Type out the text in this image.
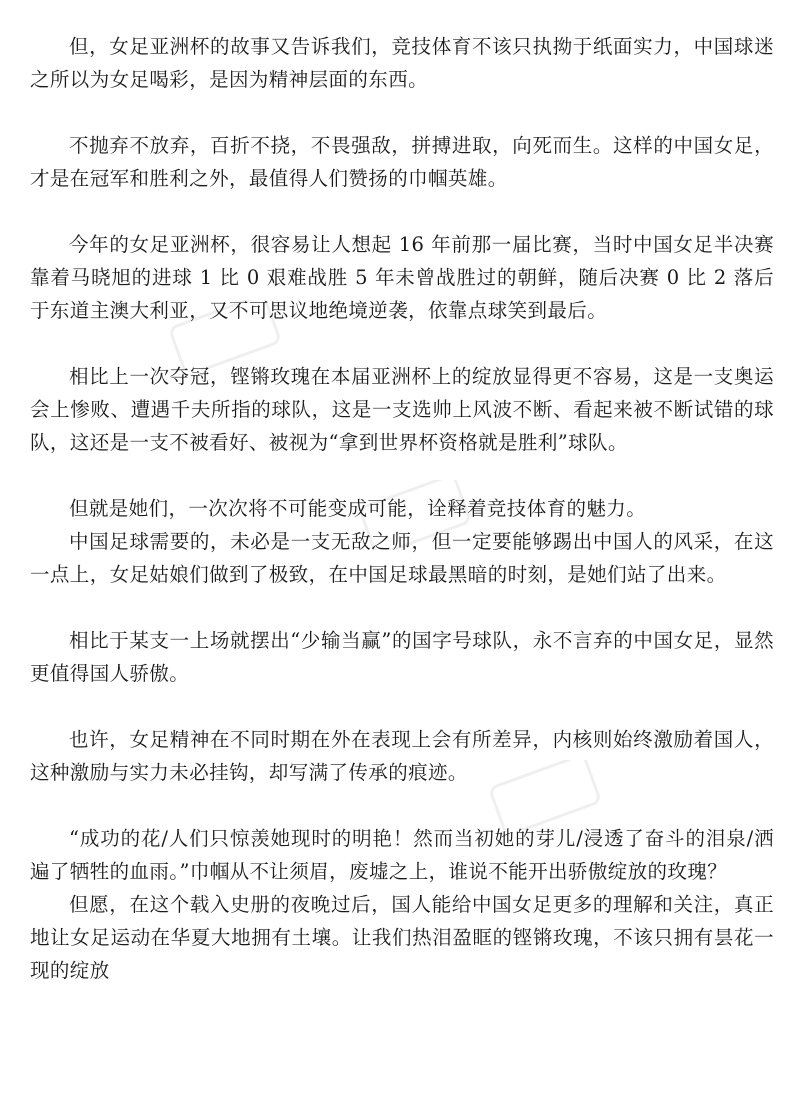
但，女足亚洲杯的故事又告诉我们，竞技体育不该只执拗于纸面实力，中国球迷之所以为女足喝彩，是因为精神层面的东西。

不抛弃不放弃，百折不挠，不畏强敌，拼搏进取，向死而生。这样的中国女足，才是在冠军和胜利之外，最值得人们赞扬的巾帼英雄。

今年的女足亚洲杯，很容易让人想起 16 年前那一届比赛，当时中国女足半决赛靠着马晓旭的进球 1 比 0 艰难战胜 5 年未曾战胜过的朝鲜，随后决赛 0 比 2 落后于东道主澳大利亚，又不可思议地绝境逆袭，依靠点球笑到最后。

相比上一次夺冠，铿锵玫瑰在本届亚洲杯上的绽放显得更不容易，这是一支奥运会上惨败、遭遇千夫所指的球队，这是一支选帅上风波不断、看起来被不断试错的球队，这还是一支不被看好、被视为“拿到世界杯资格就是胜利”球队。

但就是她们，一次次将不可能变成可能，诠释着竞技体育的魅力。

中国足球需要的，未必是一支无敌之师，但一定要能够踢出中国人的风采，在这一点上，女足姑娘们做到了极致，在中国足球最黑暗的时刻，是她们站了出来。

相比于某支一上场就摆出“少输当赢”的国字号球队，永不言弃的中国女足，显然更值得国人骄傲。

也许，女足精神在不同时期在外在表现上会有所差异，内核则始终激励着国人，这种激励与实力未必挂钩，却写满了传承的痕迹。

“成功的花/人们只惊羡她现时的明艳！然而当初她的芽儿/浸透了奋斗的泪泉/洒遍了牺牲的血雨。”巾帼从不让须眉，废墟之上，谁说不能开出骄傲绽放的玫瑰？

但愿，在这个载入史册的夜晚过后，国人能给中国女足更多的理解和关注，真正地让女足运动在华夏大地拥有土壤。让我们热泪盈眶的铿锵玫瑰，不该只拥有昙花一现的绽放
